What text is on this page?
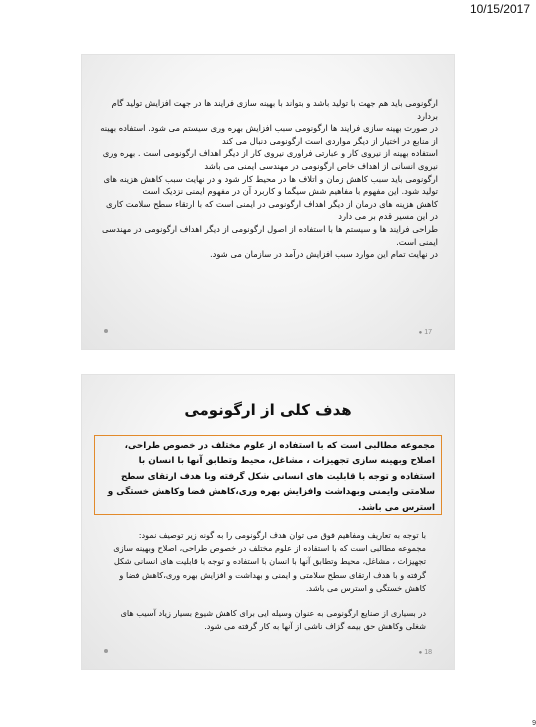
10/15/2017

ارگونومی باید هم جهت با تولید باشد و بتواند با بهینه سازی فرایند ها در جهت افزایش تولید گام بردارد

در صورت بهینه سازی فرایند ها ارگونومی سبب افزایش بهره وری سیستم می شود. استفاده بهینه از منابع در اختیار از دیگر مواردی است ارگونومی دنبال می کند

استفاده بهینه از نیروی کار و عبارتی فراوری نیروی کار از دیگر اهداف ارگونومی است . بهره وری نیروی انسانی از اهداف خاص ارگونومی در مهندسی ایمنی می باشد

ارگونومی باید سبب کاهش زمان و اتلاف ها در محیط کار شود و در نهایت سبب کاهش هزینه های تولید شود. این مفهوم با مفاهیم شش سیگما و کاربرد آن در مفهوم ایمنی نزدیک است

کاهش هزینه های درمان از دیگر اهداف ارگونومی در ایمنی است که با ارتقاء سطح سلامت کاری در این مسیر قدم بر می دارد

طراحی فرایند ها و سیستم ها با استفاده از اصول ارگونومی از دیگر اهداف ارگونومی در مهندسی ایمنی است.

در نهایت تمام این موارد سبب افزایش درآمد در سازمان می شود.

● 17
هدف کلی از ارگونومی
مجموعه مطالبی است که با استفاده از علوم مختلف در خصوص طراحی، اصلاح وبهینه سازی تجهیزات ، مشاغل، محیط وتطابق آنها با انسان با استفاده و توجه با قابلیت های انسانی شکل گرفته وبا هدف ارتقای سطح سلامتی وایمنی وبهداشت وافزایش بهره وری،کاهش فضا وکاهش خستگی و استرس می باشد.

با توجه به تعاریف ومفاهیم فوق می توان هدف ارگونومی را به گونه زیر توصیف نمود: مجموعه مطالبی است که با استفاده از علوم مختلف در خصوص طراحی، اصلاح وبهینه سازی تجهیزات ، مشاغل، محیط وتطابق آنها با انسان با استفاده و توجه با قابلیت های انسانی شکل گرفته و با هدف ارتقای سطح سلامتی و ایمنی و بهداشت و افزایش بهره وری،کاهش فضا و کاهش خستگی و استرس می باشد.

در بسیاری از صنایع ارگونومی به عنوان وسیله ایی برای کاهش شیوع بسیار زیاد آسیب های شغلی وکاهش حق بیمه گزاف ناشی از آنها به کار گرفته می شود.

● 18
9
